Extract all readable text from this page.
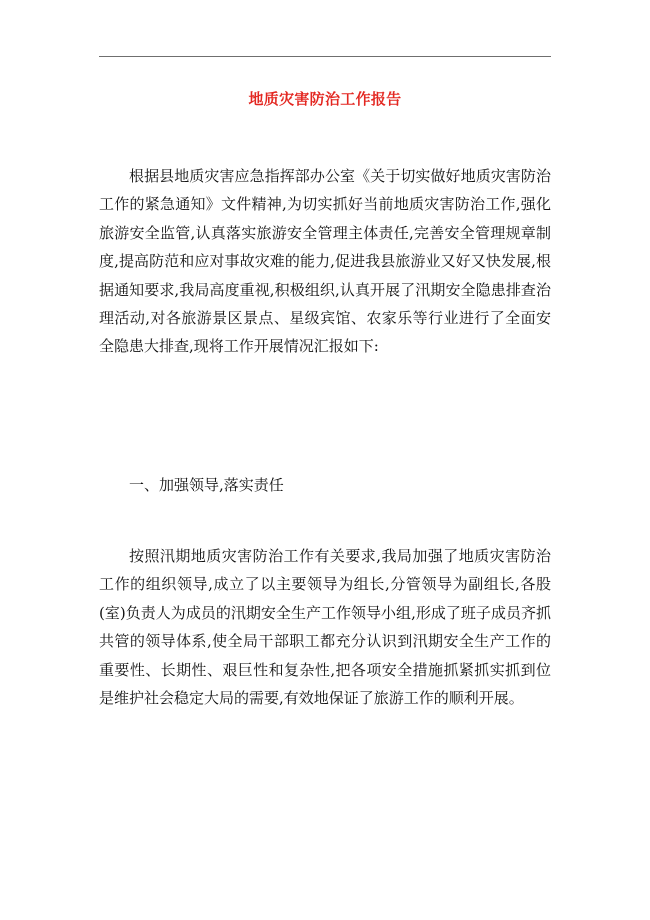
地质灾害防治工作报告

根据县地质灾害应急指挥部办公室《关于切实做好地质灾害防治工作的紧急通知》文件精神,为切实抓好当前地质灾害防治工作,强化旅游安全监管,认真落实旅游安全管理主体责任,完善安全管理规章制度,提高防范和应对事故灾难的能力,促进我县旅游业又好又快发展,根据通知要求,我局高度重视,积极组织,认真开展了汛期安全隐患排查治理活动,对各旅游景区景点、星级宾馆、农家乐等行业进行了全面安全隐患大排查,现将工作开展情况汇报如下:

一、加强领导,落实责任

按照汛期地质灾害防治工作有关要求,我局加强了地质灾害防治工作的组织领导,成立了以主要领导为组长,分管领导为副组长,各股(室)负责人为成员的汛期安全生产工作领导小组,形成了班子成员齐抓共管的领导体系,使全局干部职工都充分认识到汛期安全生产工作的重要性、长期性、艰巨性和复杂性,把各项安全措施抓紧抓实抓到位是维护社会稳定大局的需要,有效地保证了旅游工作的顺利开展。
